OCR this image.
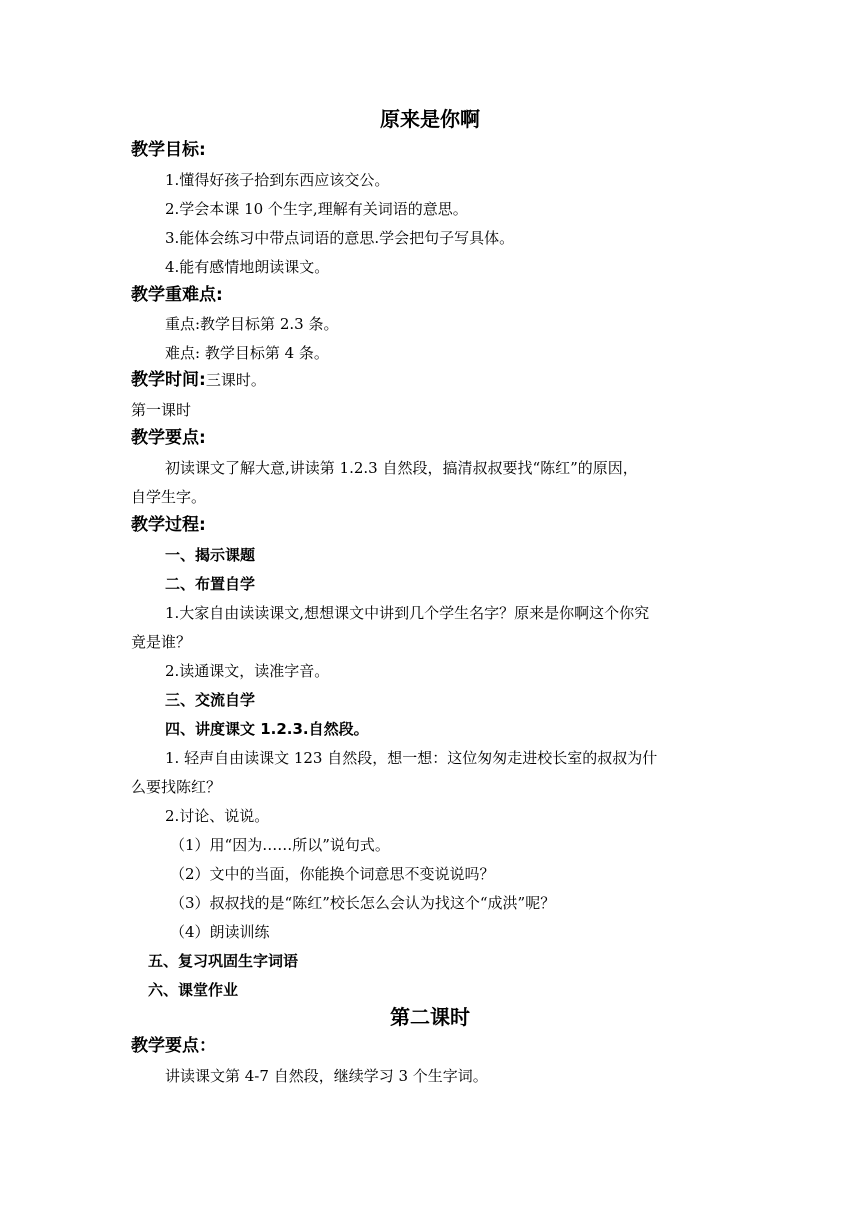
原来是你啊
教学目标:
1.懂得好孩子拾到东西应该交公。
2.学会本课 10 个生字,理解有关词语的意思。
3.能体会练习中带点词语的意思.学会把句子写具体。
4.能有感情地朗读课文。
教学重难点:
重点:教学目标第 2.3 条。
难点: 教学目标第 4 条。
教学时间:三课时。
第一课时
教学要点:
初读课文了解大意,讲读第 1.2.3 自然段，搞清叔叔要找“陈红”的原因，
自学生字。
教学过程:
一、揭示课题
二、布置自学
1.大家自由读读课文,想想课文中讲到几个学生名字？原来是你啊这个你究
竟是谁？
2.读通课文，读准字音。
三、交流自学
四、讲度课文 1.2.3.自然段。
1. 轻声自由读课文 123 自然段，想一想：这位匆匆走进校长室的叔叔为什
么要找陈红？
2.讨论、说说。
（1）用“因为……所以”说句式。
（2）文中的当面，你能换个词意思不变说说吗？
（3）叔叔找的是“陈红”校长怎么会认为找这个“成洪”呢？
（4）朗读训练
五、复习巩固生字词语
六、课堂作业
第二课时
教学要点：
讲读课文第 4-7 自然段，继续学习 3 个生字词。
